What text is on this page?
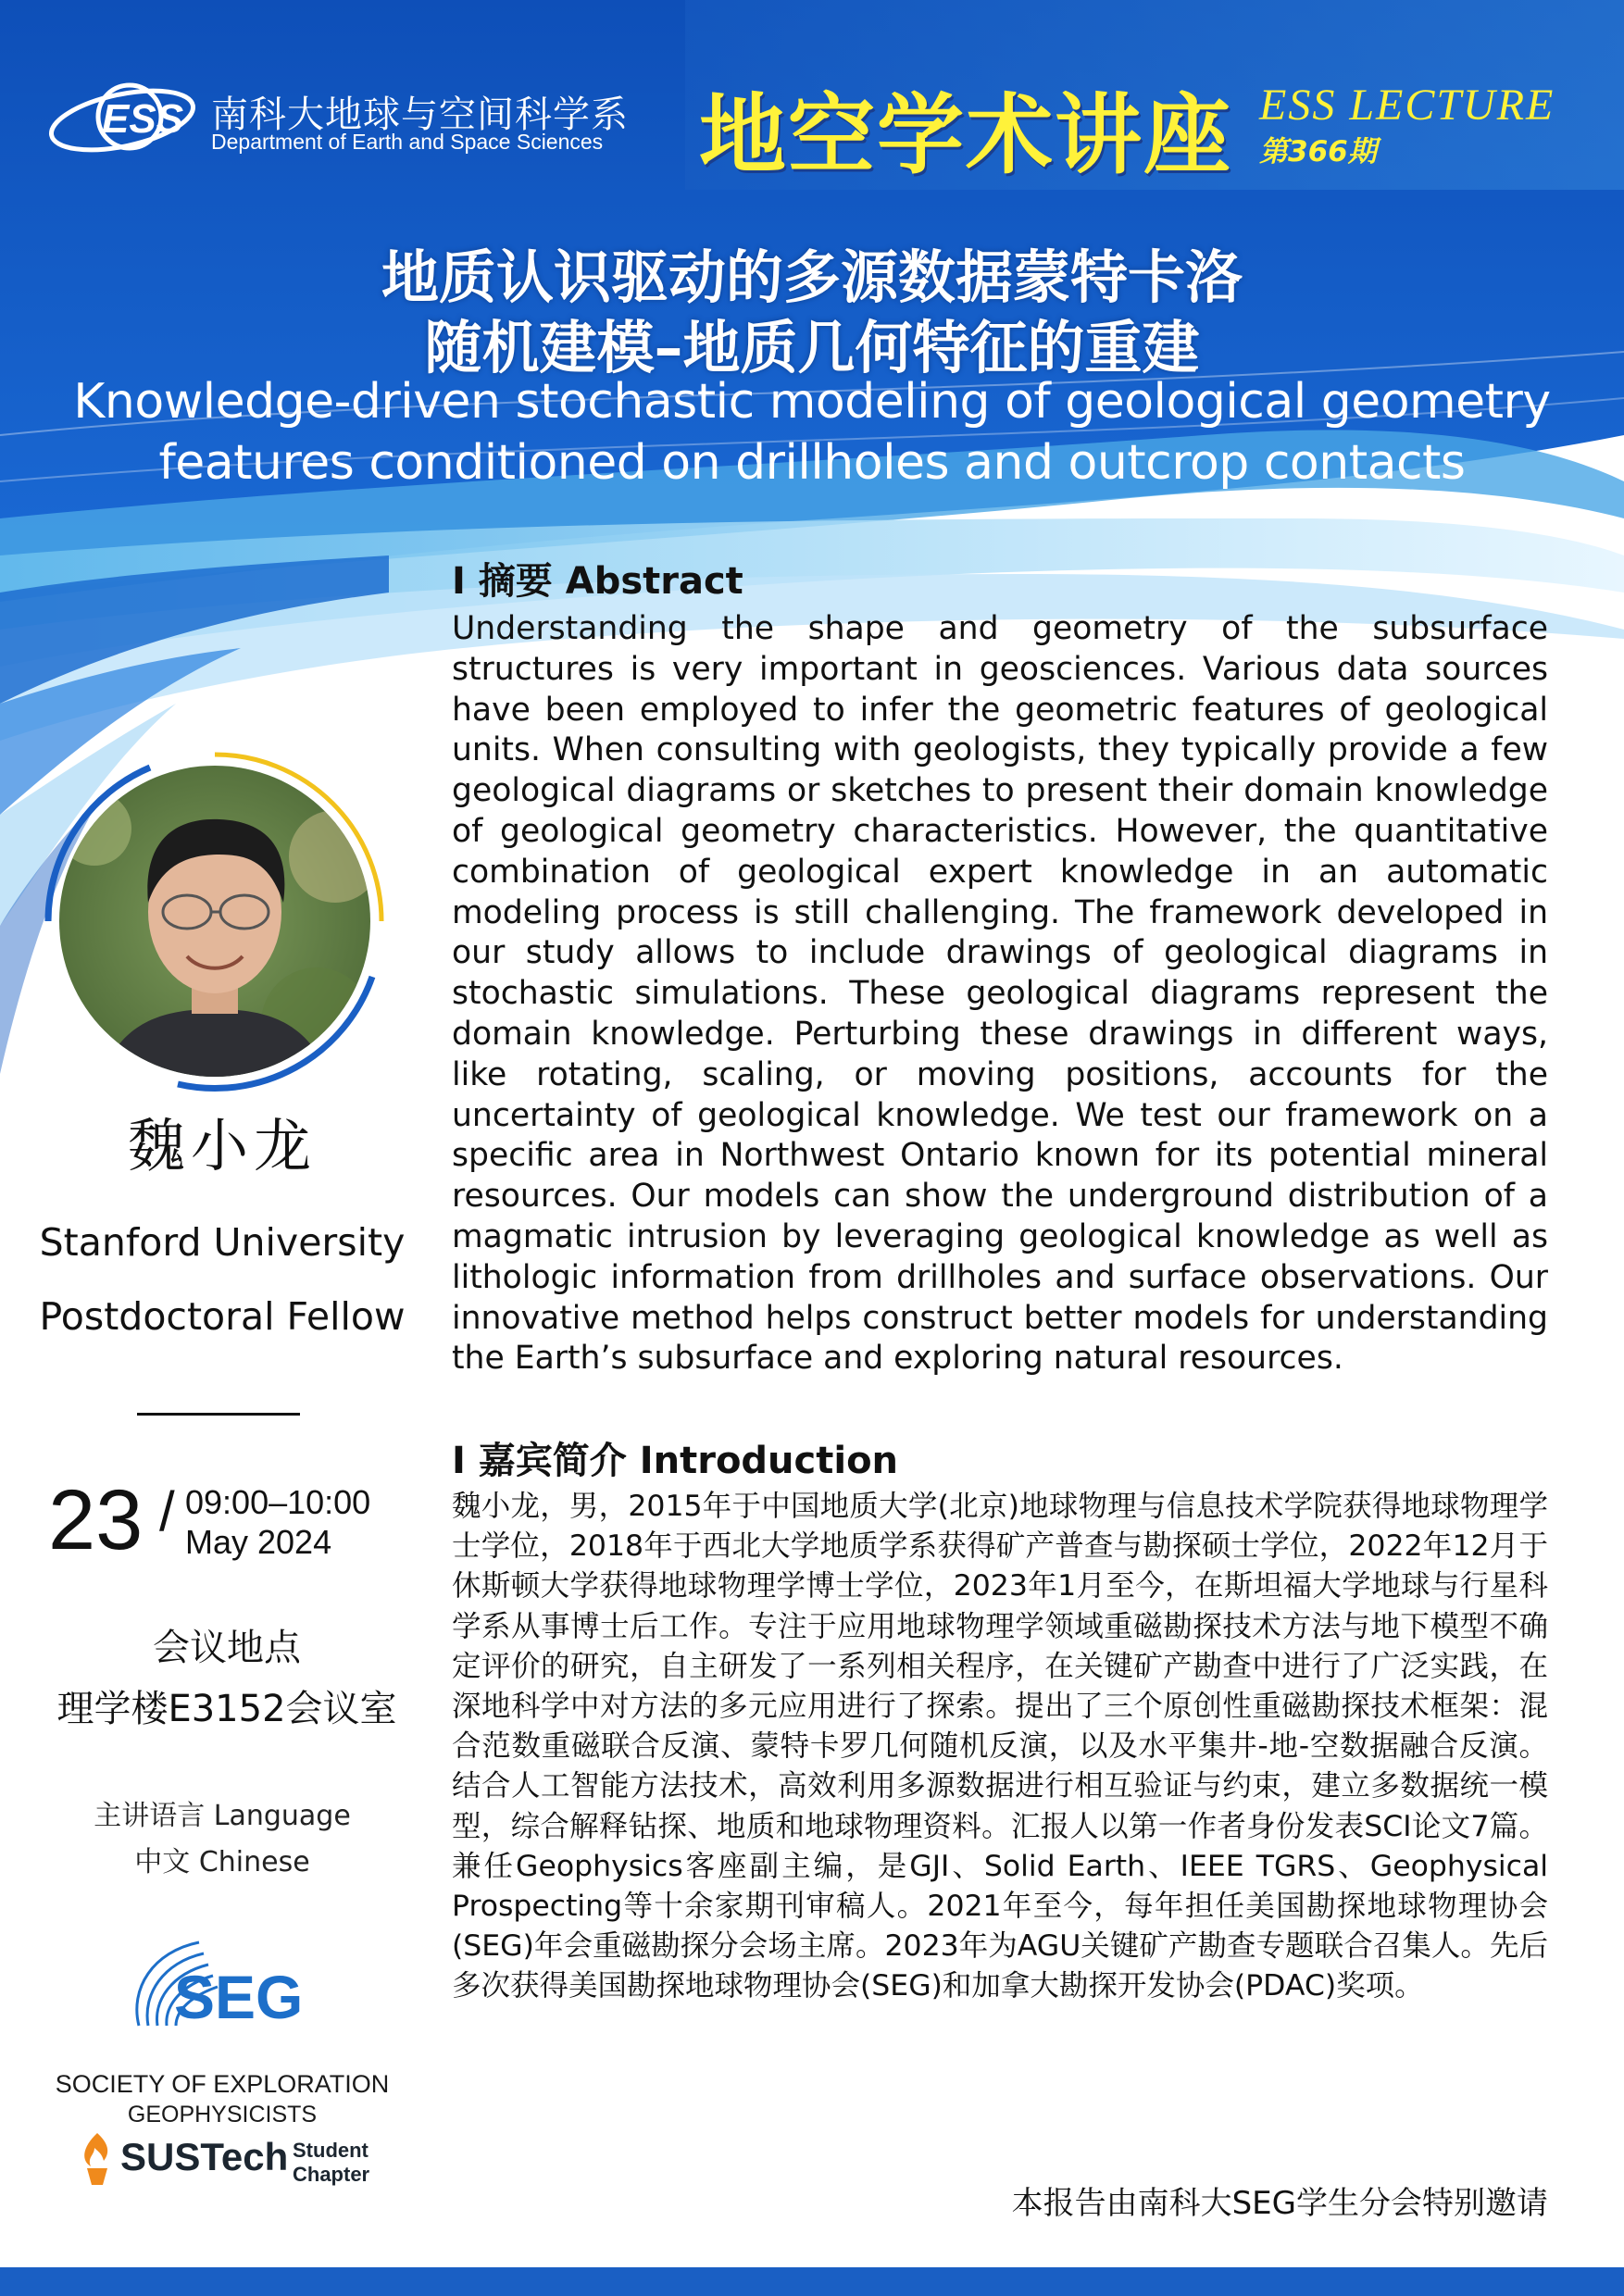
ESS 南科大地球与空间科学系
Department of Earth and Space Sciences 地空学术讲座 ESS LECTURE
第366期
地质认识驱动的多源数据蒙特卡洛
随机建模–地质几何特征的重建
Knowledge-driven stochastic modeling of geological geometry
features conditioned on drillholes and outcrop contacts
魏小龙
Stanford University
Postdoctoral Fellow
23 / 09:00–10:00
May 2024
会议地点
理学楼E3152会议室
主讲语言 Language
中文 Chinese
SEG
SOCIETY OF EXPLORATION
GEOPHYSICISTS
SUSTech Student
Chapter
I 摘要 Abstract
Understanding the shape and geometry of the subsurface structures is very important in geosciences. Various data sources have been employed to infer the geometric features of geological units. When consulting with geologists, they typically provide a few geological diagrams or sketches to present their domain knowledge of geological geometry characteristics. However, the quantitative combination of geological expert knowledge in an automatic modeling process is still challenging. The framework developed in our study allows to include drawings of geological diagrams in stochastic simulations. These geological diagrams represent the domain knowledge. Perturbing these drawings in different ways, like rotating, scaling, or moving positions, accounts for the uncertainty of geological knowledge. We test our framework on a specific area in Northwest Ontario known for its potential mineral resources. Our models can show the underground distribution of a magmatic intrusion by leveraging geological knowledge as well as lithologic information from drillholes and surface observations. Our innovative method helps construct better models for understanding the Earth’s subsurface and exploring natural resources.
I 嘉宾简介 Introduction
魏小龙，男，2015年于中国地质大学(北京)地球物理与信息技术学院获得地球物理学士学位，2018年于西北大学地质学系获得矿产普查与勘探硕士学位，2022年12月于休斯顿大学获得地球物理学博士学位，2023年1月至今，在斯坦福大学地球与行星科学系从事博士后工作。专注于应用地球物理学领域重磁勘探技术方法与地下模型不确定评价的研究，自主研发了一系列相关程序，在关键矿产勘查中进行了广泛实践，在深地科学中对方法的多元应用进行了探索。提出了三个原创性重磁勘探技术框架：混合范数重磁联合反演、蒙特卡罗几何随机反演，以及水平集井-地-空数据融合反演。结合人工智能方法技术，高效利用多源数据进行相互验证与约束，建立多数据统一模型，综合解释钻探、地质和地球物理资料。汇报人以第一作者身份发表SCI论文7篇。兼任Geophysics客座副主编，是GJI、Solid Earth、IEEE TGRS、Geophysical Prospecting等十余家期刊审稿人。2021年至今，每年担任美国勘探地球物理协会(SEG)年会重磁勘探分会场主席。2023年为AGU关键矿产勘查专题联合召集人。先后多次获得美国勘探地球物理协会(SEG)和加拿大勘探开发协会(PDAC)奖项。
本报告由南科大SEG学生分会特别邀请
